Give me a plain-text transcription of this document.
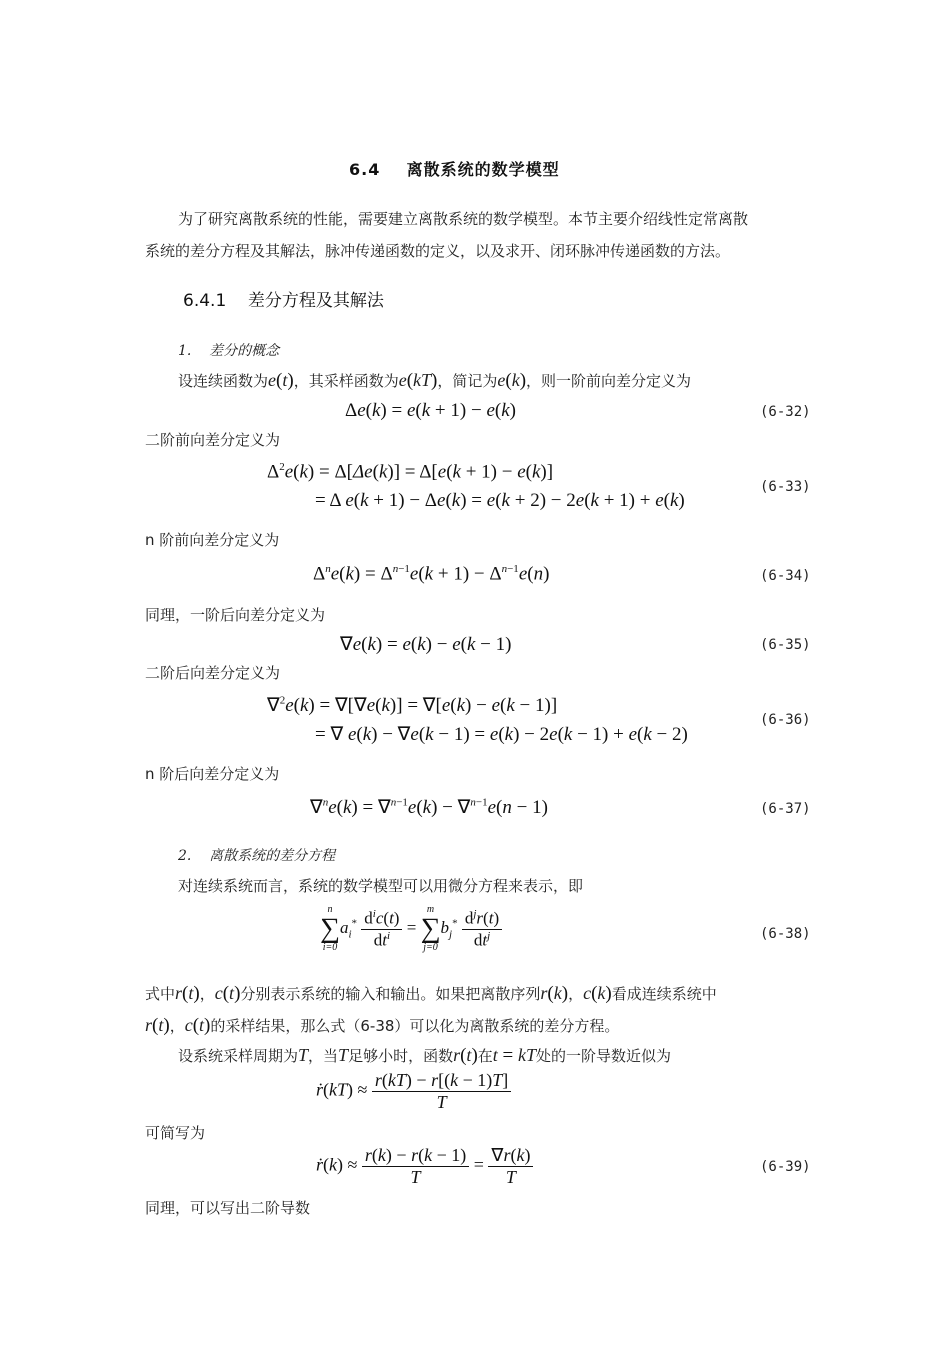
6.4 离散系统的数学模型
为了研究离散系统的性能，需要建立离散系统的数学模型。本节主要介绍线性定常离散
系统的差分方程及其解法，脉冲传递函数的定义，以及求开、闭环脉冲传递函数的方法。
6.4.1 差分方程及其解法
1. 差分的概念
设连续函数为e(t)，其采样函数为e(kT)，简记为e(k)，则一阶前向差分定义为
Δe(k) = e(k + 1) − e(k)	(6-32)
二阶前向差分定义为
$\Delta^2e(k) = \Delta[\Delta e(k)] = \Delta[e(k + 1) - e(k)]$
= Δ e(k + 1) − Δe(k) = e(k + 2) − 2e(k + 1) + e(k)
(6-33)
n 阶前向差分定义为
$\Delta^ne(k) = \Delta^{n-1}e(k + 1) - \Delta^{n-1}e(n)$	(6-34)
同理，一阶后向差分定义为
∇e(k) = e(k) − e(k − 1)	(6-35)
二阶后向差分定义为
∇$^2$e(k) = ∇[∇e(k)] = ∇[e(k) − e(k − 1)]
= ∇ e(k) − ∇e(k − 1) = e(k) − 2e(k − 1) + e(k − 2)
(6-36)
n 阶后向差分定义为
∇$^n$e(k) = ∇$^{n-1}$e(k) − ∇$^{n-1}$e(n − 1)	(6-37)
2. 离散系统的差分方程
对连续系统而言，系统的数学模型可以用微分方程来表示，即
n
∑
i=0
$a_i^* \frac{d^ic(t)}{dt^i}$ =
m
∑
j=0
$b_j^* \frac{d^jr(t)}{dt^j}$	(6-38)
式中r(t)，c(t)分别表示系统的输入和输出。如果把离散序列r(k)，c(k)看成连续系统中
r(t)，c(t)的采样结果，那么式（6-38）可以化为离散系统的差分方程。
设系统采样周期为T，当T足够小时，函数r(t)在t = kT处的一阶导数近似为
ṙ(kT) ≈ $\frac{r(kT) - r[(k - 1)T]}{T}$
可简写为
ṙ(k) ≈ $\frac{r(k) - r(k - 1)}{T} = \frac{\nabla r(k)}{T}$	(6-39)
同理，可以写出二阶导数
